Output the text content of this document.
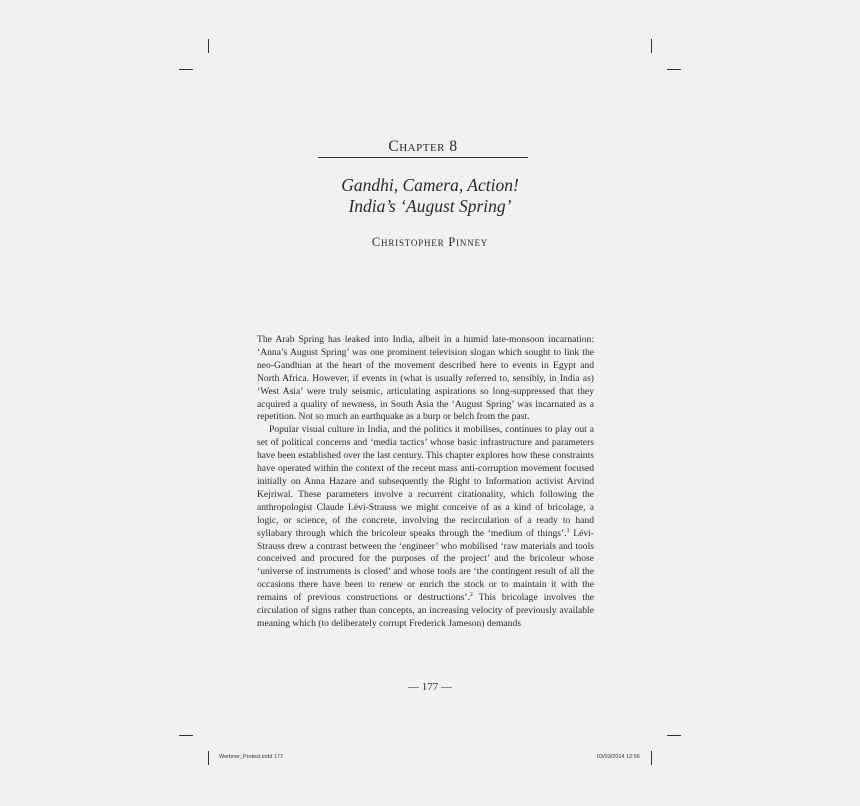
Chapter 8
Gandhi, Camera, Action!
India’s ‘August Spring’
Christopher Pinney

The Arab Spring has leaked into India, albeit in a humid late-monsoon incarnation: ‘Anna’s August Spring’ was one prominent television slogan which sought to link the neo-Gandhian at the heart of the movement described here to events in Egypt and North Africa. However, if events in (what is usually referred to, sensibly, in India as) ‘West Asia’ were truly seismic, articulating aspirations so long-suppressed that they acquired a quality of newness, in South Asia the ‘August Spring’ was incarnated as a repetition. Not so much an earthquake as a burp or belch from the past.

Popular visual culture in India, and the politics it mobilises, continues to play out a set of political concerns and ‘media tactics’ whose basic infrastructure and parameters have been established over the last century. This chapter explores how these constraints have operated within the context of the recent mass anti-corruption movement focused initially on Anna Hazare and subsequently the Right to Information activist Arvind Kejriwal. These parameters involve a recurrent citationality, which following the anthropologist Claude Lévi-Strauss we might conceive of as a kind of bricolage, a logic, or science, of the concrete, involving the recirculation of a ready to hand syllabary through which the bricoleur speaks through the ‘medium of things’.$^1$ Lévi-Strauss drew a contrast between the ‘engineer’ who mobilised ‘raw materials and tools conceived and procured for the purposes of the project’ and the bricoleur whose ‘universe of instruments is closed’ and whose tools are ‘the contingent result of all the occasions there have been to renew or enrich the stock or to maintain it with the remains of previous constructions or destructions’.$^2$ This bricolage involves the circulation of signs rather than concepts, an increasing velocity of previously available meaning which (to deliberately corrupt Frederick Jameson) demands

— 177 —
Werbner_Protest.indd 177	03/03/2014 12:56
